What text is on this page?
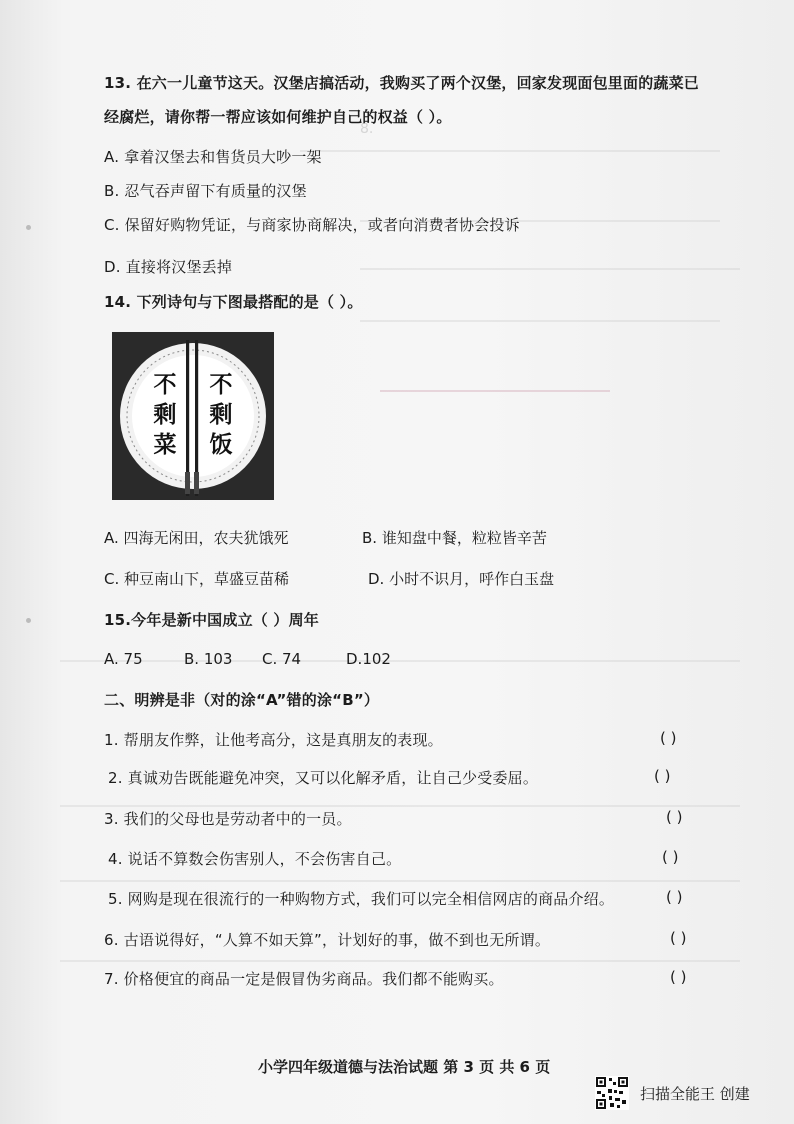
8.　　　　　　　　　　　　　　　
13. 在六一儿童节这天。汉堡店搞活动，我购买了两个汉堡，回家发现面包里面的蔬菜已
经腐烂，请你帮一帮应该如何维护自己的权益（ ）。
A. 拿着汉堡去和售货员大吵一架
B. 忍气吞声留下有质量的汉堡
C. 保留好购物凭证，与商家协商解决，或者向消费者协会投诉
D. 直接将汉堡丢掉
14. 下列诗句与下图最搭配的是（ ）。
不
剩
菜
不
剩
饭
A. 四海无闲田，农夫犹饿死	B. 谁知盘中餐，粒粒皆辛苦
C. 种豆南山下，草盛豆苗稀	D. 小时不识月，呼作白玉盘
15.今年是新中国成立（ ）周年
A. 75	B. 103 C. 74	D.102
二、明辨是非（对的涂“A”错的涂“B”）
1. 帮朋友作弊，让他考高分，这是真朋友的表现。	( )
2. 真诚劝告既能避免冲突，又可以化解矛盾，让自己少受委屈。	( )
3. 我们的父母也是劳动者中的一员。	( )
4. 说话不算数会伤害别人，不会伤害自己。	( )
5. 网购是现在很流行的一种购物方式，我们可以完全相信网店的商品介绍。	( )
6. 古语说得好，“人算不如天算”，计划好的事，做不到也无所谓。	( )
7. 价格便宜的商品一定是假冒伪劣商品。我们都不能购买。	( )
小学四年级道德与法治试题 第 3 页 共 6 页
扫描全能王 创建
